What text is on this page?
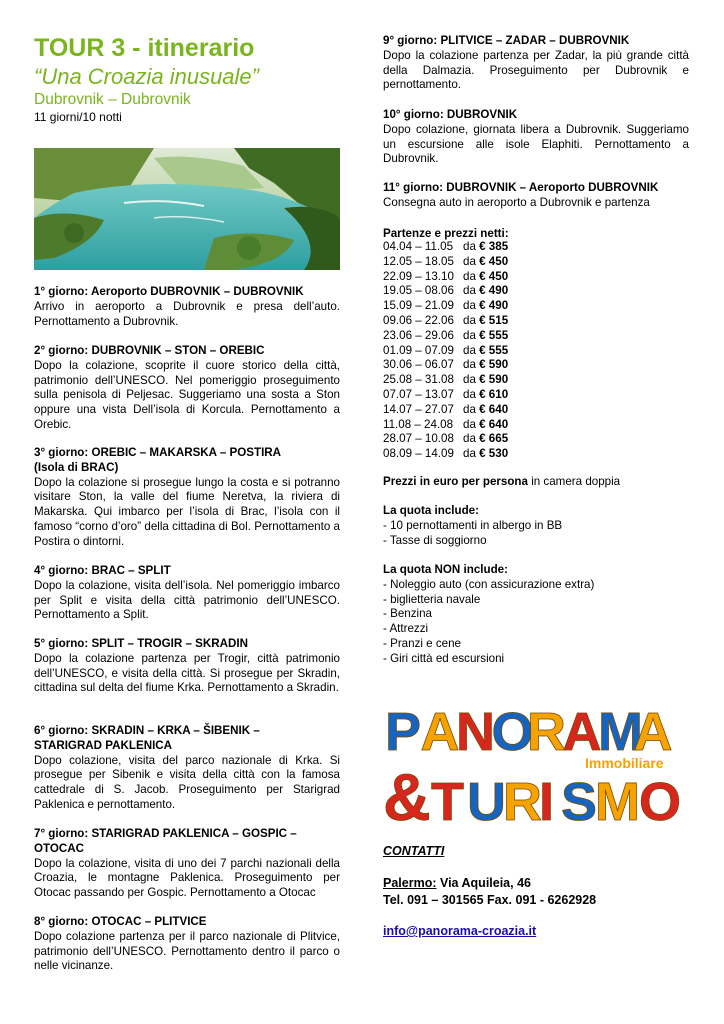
TOUR 3 - itinerario
“Una Croazia inusuale”
Dubrovnik – Dubrovnik
11 giorni/10 notti
1° giorno: Aeroporto DUBROVNIK – DUBROVNIK
Arrivo in aeroporto a Dubrovnik e presa dell’auto. Pernottamento a Dubrovnik.
2° giorno: DUBROVNIK – STON – OREBIC
Dopo la colazione, scoprite il cuore storico della città, patrimonio dell’UNESCO. Nel pomeriggio proseguimento sulla penisola di Peljesac. Suggeriamo una sosta a Ston oppure una vista Dell’isola di Korcula. Pernottamento a Orebic.
3° giorno: OREBIC – MAKARSKA – POSTIRA (Isola di BRAC)
Dopo la colazione si prosegue lungo la costa e si potranno visitare Ston, la valle del fiume Neretva, la riviera di Makarska. Qui imbarco per l’isola di Brac, l’isola con il famoso “corno d’oro” della cittadina di Bol. Pernottamento a Postira o dintorni.
4° giorno: BRAC – SPLIT
Dopo la colazione, visita dell’isola. Nel pomeriggio imbarco per Split e visita della città patrimonio dell’UNESCO. Pernottamento a Split.
5° giorno: SPLIT – TROGIR – SKRADIN
Dopo la colazione partenza per Trogir, città patrimonio dell’UNESCO, e visita della città. Si prosegue per Skradin, cittadina sul delta del fiume Krka. Pernottamento a Skradin.
6° giorno: SKRADIN – KRKA – ŠIBENIK – STARIGRAD PAKLENICA
Dopo colazione, visita del parco nazionale di Krka. Si prosegue per Sibenik e visita della città con la famosa cattedrale di S. Jacob. Proseguimento per Starigrad Paklenica e pernottamento.
7° giorno: STARIGRAD PAKLENICA – GOSPIC – OTOCAC
Dopo la colazione, visita di uno dei 7 parchi nazionali della Croazia, le montagne Paklenica. Proseguimento per Otocac passando per Gospic. Pernottamento a Otocac
8° giorno: OTOCAC – PLITVICE
Dopo colazione partenza per il parco nazionale di Plitvice, patrimonio dell’UNESCO. Pernottamento dentro il parco o nelle vicinanze.
9° giorno: PLITVICE – ZADAR – DUBROVNIK
Dopo la colazione partenza per Zadar, la più grande città della Dalmazia. Proseguimento per Dubrovnik e pernottamento.
10° giorno: DUBROVNIK
Dopo colazione, giornata libera a Dubrovnik. Suggeriamo un escursione alle isole Elaphiti. Pernottamento a Dubrovnik.
11° giorno: DUBROVNIK – Aeroporto DUBROVNIK
Consegna auto in aeroporto a Dubrovnik e partenza
Partenze e prezzi netti:
04.04 – 11.05 da € 385
12.05 – 18.05 da € 450
22.09 – 13.10 da € 450
19.05 – 08.06 da € 490
15.09 – 21.09 da € 490
09.06 – 22.06 da € 515
23.06 – 29.06 da € 555
01.09 – 07.09 da € 555
30.06 – 06.07 da € 590
25.08 – 31.08 da € 590
07.07 – 13.07 da € 610
14.07 – 27.07 da € 640
11.08 – 24.08 da € 640
28.07 – 10.08 da € 665
08.09 – 14.09 da € 530
Prezzi in euro per persona in camera doppia
La quota include:
- 10 pernottamenti in albergo in BB
- Tasse di soggiorno
La quota NON include:
- Noleggio auto (con assicurazione extra)
- biglietteria navale
- Benzina
- Attrezzi
- Pranzi e cene
- Giri città ed escursioni
P A
N
O
R
A
M
A
& T U
R
I S
M O
Immobiliare
CONTATTI
Palermo: Via Aquileia, 46
Tel. 091 – 301565 Fax. 091 - 6262928
info@panorama-croazia.it
